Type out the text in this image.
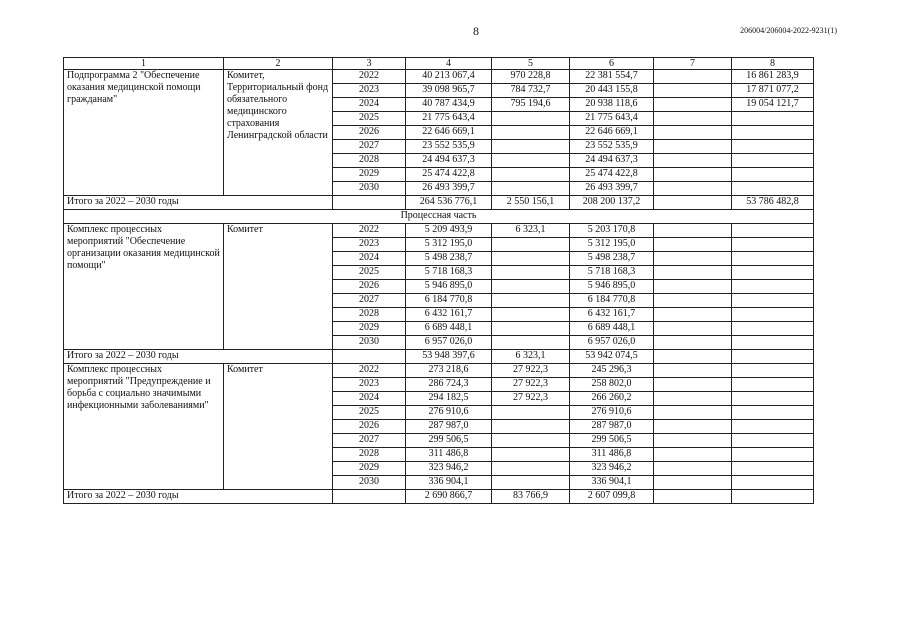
8	206004/206004-2022-9231(1)
1	2	3	4	5	6	7	8
Подпрограмма 2 "Обеспечение оказания медицинской помощи гражданам"	Комитет, Территориальный фонд обязательного медицинского страхования Ленинградской области	2022	40 213 067,4	970 228,8	22 381 554,7		16 861 283,9
		2023	39 098 965,7	784 732,7	20 443 155,8		17 871 077,2
		2024	40 787 434,9	795 194,6	20 938 118,6		19 054 121,7
		2025	21 775 643,4		21 775 643,4		
		2026	22 646 669,1		22 646 669,1		
		2027	23 552 535,9		23 552 535,9		
		2028	24 494 637,3		24 494 637,3		
		2029	25 474 422,8		25 474 422,8		
		2030	26 493 399,7		26 493 399,7		
Итого за 2022 – 2030 годы			264 536 776,1	2 550 156,1	208 200 137,2		53 786 482,8
Процессная часть							
Комплекс процессных мероприятий "Обеспечение организации оказания медицинской помощи"	Комитет	2022	5 209 493,9	6 323,1	5 203 170,8		
		2023	5 312 195,0		5 312 195,0		
		2024	5 498 238,7		5 498 238,7		
		2025	5 718 168,3		5 718 168,3		
		2026	5 946 895,0		5 946 895,0		
		2027	6 184 770,8		6 184 770,8		
		2028	6 432 161,7		6 432 161,7		
		2029	6 689 448,1		6 689 448,1		
		2030	6 957 026,0		6 957 026,0		
Итого за 2022 – 2030 годы			53 948 397,6	6 323,1	53 942 074,5		
Комплекс процессных мероприятий "Предупреждение и борьба с социально значимыми инфекционными заболеваниями"	Комитет	2022	273 218,6	27 922,3	245 296,3		
		2023	286 724,3	27 922,3	258 802,0		
		2024	294 182,5	27 922,3	266 260,2		
		2025	276 910,6		276 910,6		
		2026	287 987,0		287 987,0		
		2027	299 506,5		299 506,5		
		2028	311 486,8		311 486,8		
		2029	323 946,2		323 946,2		
		2030	336 904,1		336 904,1		
Итого за 2022 – 2030 годы			2 690 866,7	83 766,9	2 607 099,8		
